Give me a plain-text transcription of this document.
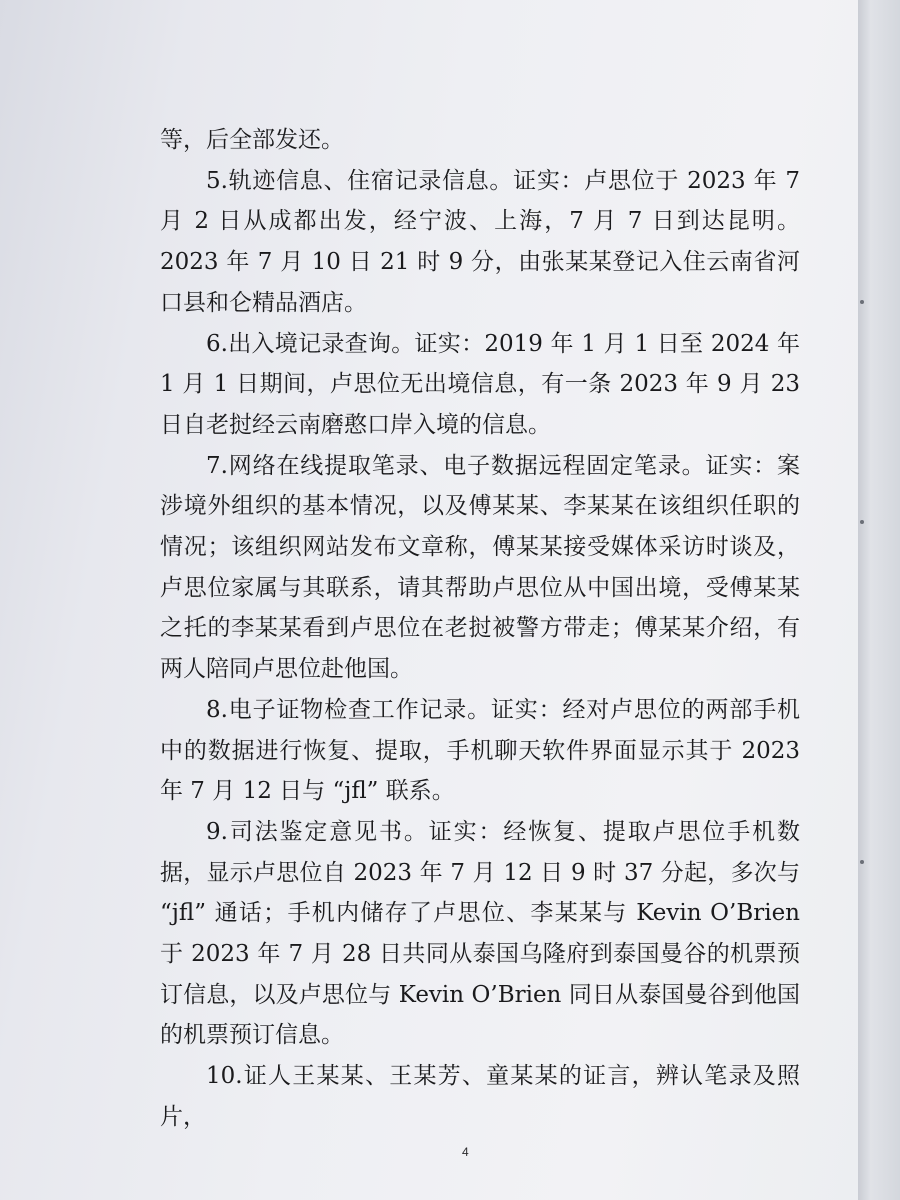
等，后全部发还。

5.轨迹信息、住宿记录信息。证实：卢思位于 2023 年 7 月 2 日从成都出发，经宁波、上海，7 月 7 日到达昆明。2023 年 7 月 10 日 21 时 9 分，由张某某登记入住云南省河口县和仑精品酒店。

6.出入境记录查询。证实：2019 年 1 月 1 日至 2024 年 1 月 1 日期间，卢思位无出境信息，有一条 2023 年 9 月 23 日自老挝经云南磨憨口岸入境的信息。

7.网络在线提取笔录、电子数据远程固定笔录。证实：案涉境外组织的基本情况，以及傅某某、李某某在该组织任职的情况；该组织网站发布文章称，傅某某接受媒体采访时谈及，卢思位家属与其联系，请其帮助卢思位从中国出境，受傅某某之托的李某某看到卢思位在老挝被警方带走；傅某某介绍，有两人陪同卢思位赴他国。

8.电子证物检查工作记录。证实：经对卢思位的两部手机中的数据进行恢复、提取，手机聊天软件界面显示其于 2023 年 7 月 12 日与 “jfl” 联系。

9.司法鉴定意见书。证实：经恢复、提取卢思位手机数据，显示卢思位自 2023 年 7 月 12 日 9 时 37 分起，多次与 “jfl” 通话；手机内储存了卢思位、李某某与 Kevin O’Brien 于 2023 年 7 月 28 日共同从泰国乌隆府到泰国曼谷的机票预订信息，以及卢思位与 Kevin O’Brien 同日从泰国曼谷到他国的机票预订信息。

10.证人王某某、王某芳、童某某的证言，辨认笔录及照片，

4
